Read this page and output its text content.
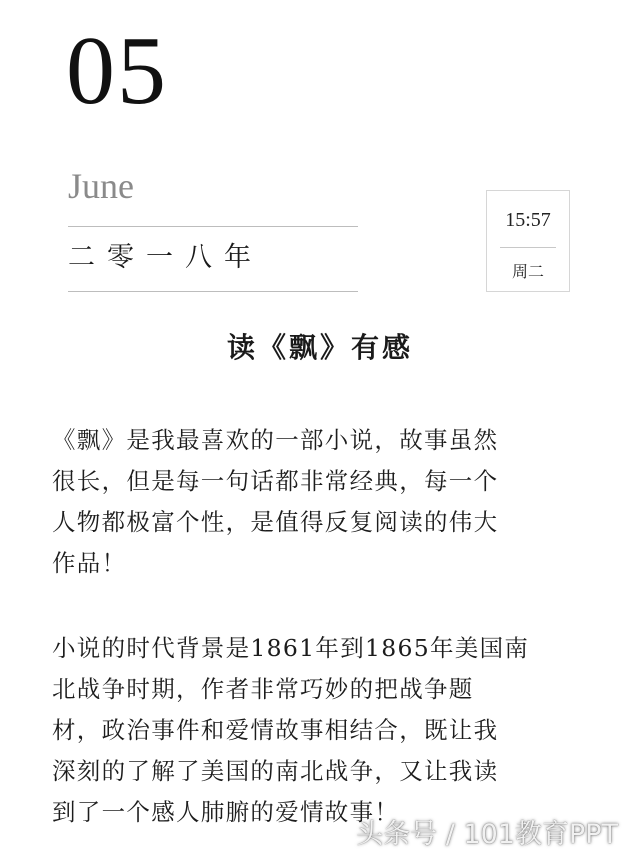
05
June
二零一八年
15:57
周二
读《飘》有感

《飘》是我最喜欢的一部小说，故事虽然
很长，但是每一句话都非常经典，每一个
人物都极富个性，是值得反复阅读的伟大
作品！

小说的时代背景是1861年到1865年美国南
北战争时期，作者非常巧妙的把战争题
材，政治事件和爱情故事相结合，既让我
深刻的了解了美国的南北战争，又让我读
到了一个感人肺腑的爱情故事！

头条号 / 101教育PPT
